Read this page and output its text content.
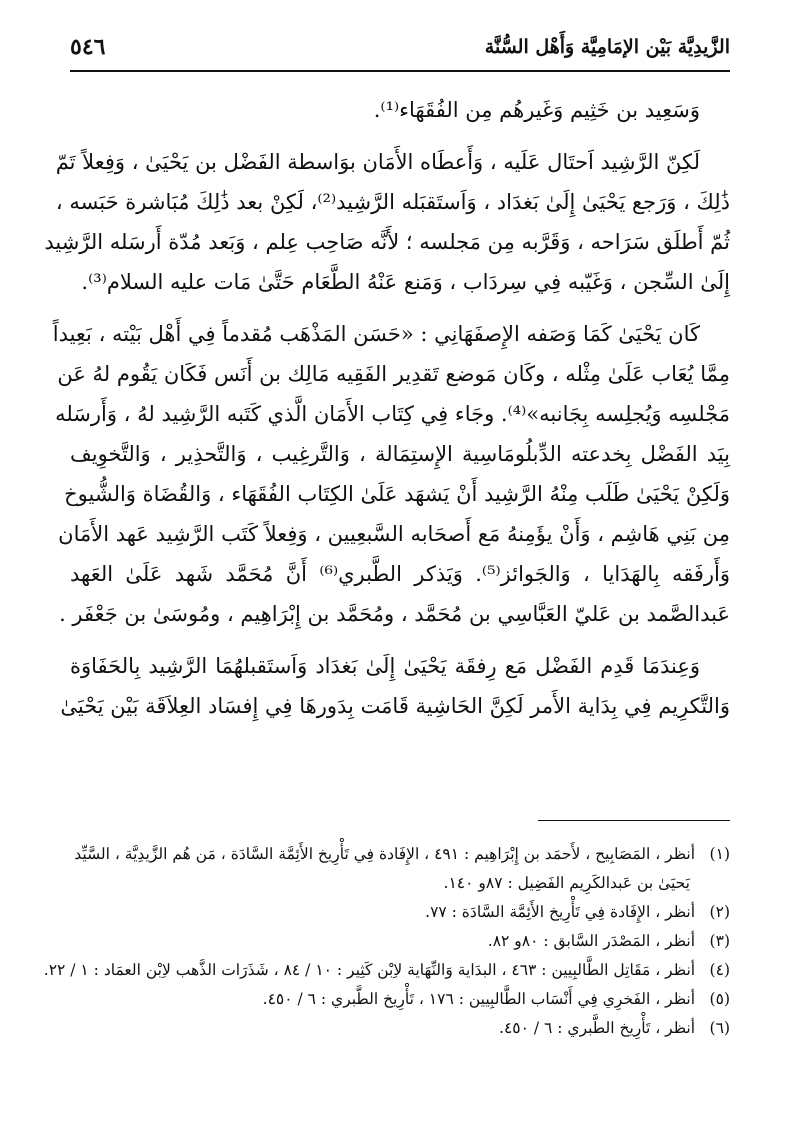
الزَّيدِيَّة بَيْن الإمَامِيَّة وَأَهْل السُّنَّة
٥٤٦

وَسَعِيد بن خَثِيم وَغَيرهُم مِن الفُقَهَاء⁽¹⁾.

لَكِنّ الرَّشِيد اَحتَال عَلَيه ، وَأَعطَاه الأَمَان بوَاسطة الفَضْل بن يَحْيَىٰ ، وَفِعلاً تَمّ
ذَٰلِكَ ، وَرَجع يَحْيَىٰ إِلَىٰ بَغدَاد ، وَاَستَقبَله الرَّشِيد⁽²⁾، لَكِنْ بعد ذَٰلِكَ مُبَاشرة حَبَسه ،
ثُمّ أَطلَق سَرَاحه ، وَقَرَّبه مِن مَجلسه ؛ لأَنَّه صَاحِب عِلم ، وَبَعد مُدّة أَرسَله الرَّشِيد
إِلَىٰ السِّجن ، وَغَيّبه فِي سِردَاب ، وَمَنع عَنْهُ الطَّعَام حَتَّىٰ مَات عليه السلام⁽³⁾.

كَان يَحْيَىٰ كَمَا وَصَفه الإِصفَهَانِي : «حَسَن المَذْهَب مُقدماً فِي أَهْل بَيْته ، بَعِيداً
مِمَّا يُعَاب عَلَىٰ مِثْله ، وكَان مَوضع تَقدِير الفَقِيه مَالِك بن أَنَس فَكَان يَقُوم لهُ عَن
مَجْلسِه وَيُجلِسه بِجَانبه»⁽⁴⁾. وجَاء فِي كِتَاب الأَمَان الَّذي كَتَبه الرَّشِيد لهُ ، وَأَرسَله
بِيَد الفَضْل بِخدعته الدِّبلُومَاسِية الإِستِمَالة ، وَالتَّرغِيب ، وَالتَّحذِير ، وَالتَّخوِيف
وَلَكِنْ يَحْيَىٰ طَلَب مِنْهُ الرَّشِيد أَنْ يَشهَد عَلَىٰ الكِتَاب الفُقَهَاء ، وَالقُضَاة وَالشُّيوخ
مِن بَنِي هَاشِم ، وَأَنْ يؤَمِنهُ مَع أَصحَابه السَّبعِيين ، وَفِعلاً كَتَب الرَّشِيد عَهد الأَمَان
وَأَرفَقه بِالهَدَايا ، وَالجَوائز⁽⁵⁾. وَيَذكر الطَّبري⁽⁶⁾ أَنَّ مُحَمَّد شَهد عَلَىٰ العَهد
عَبدالصَّمد بن عَليّ العَبَّاسِي بن مُحَمَّد ، ومُحَمَّد بن إِبْرَاهِيم ، ومُوسَىٰ بن جَعْفَر .

وَعِندَمَا قَدِم الفَضْل مَع رِفقَة يَحْيَىٰ إِلَىٰ بَغدَاد وَاَستَقبلهُمَا الرَّشِيد بِالحَفَاوَة
وَالتَّكرِيم فِي بِدَاية الأَمر لَكِنَّ الحَاشِية قَامَت بِدَورهَا فِي إِفسَاد العِلاَقَة بَيْن يَحْيَىٰ

(١) أنظر ، المَصَابِيح ، لأَحمَد بن إِبْرَاهِيم : ٤٩١ ، الإِفَادة فِي تَأْرِيخ الأَئِمَّة السَّادَة ، مَن هُم الزَّيدِيَّة ، السَّيِّد
يَحيَىٰ بن عَبدالكَرِيم الفَضِيل : ٨٧و ١٤٠.
(٢) أنظر ، الإِفَادة فِي تَأْرِيخ الأَئِمَّة السَّادَة : ٧٧.
(٣) أنظر ، المَصْدَر السَّابق : ٨٠و ٨٢.
(٤) أنظر ، مَقَاتِل الطَّالبِيين : ٤٦٣ ، البدَاية وَالنِّهَاية لاِبْن كَثِير : ١٠ / ٨٤ ، شَذَرَات الذَّهب لاِبْن العمَاد : ١ / ٢٢.
(٥) أنظر ، الفَخرِي فِي أَنْسَاب الطَّالبِيين : ١٧٦ ، تَأْرِيخ الطَّبري : ٦ / ٤٥٠.
(٦) أنظر ، تَأْرِيخ الطَّبري : ٦ / ٤٥٠.
